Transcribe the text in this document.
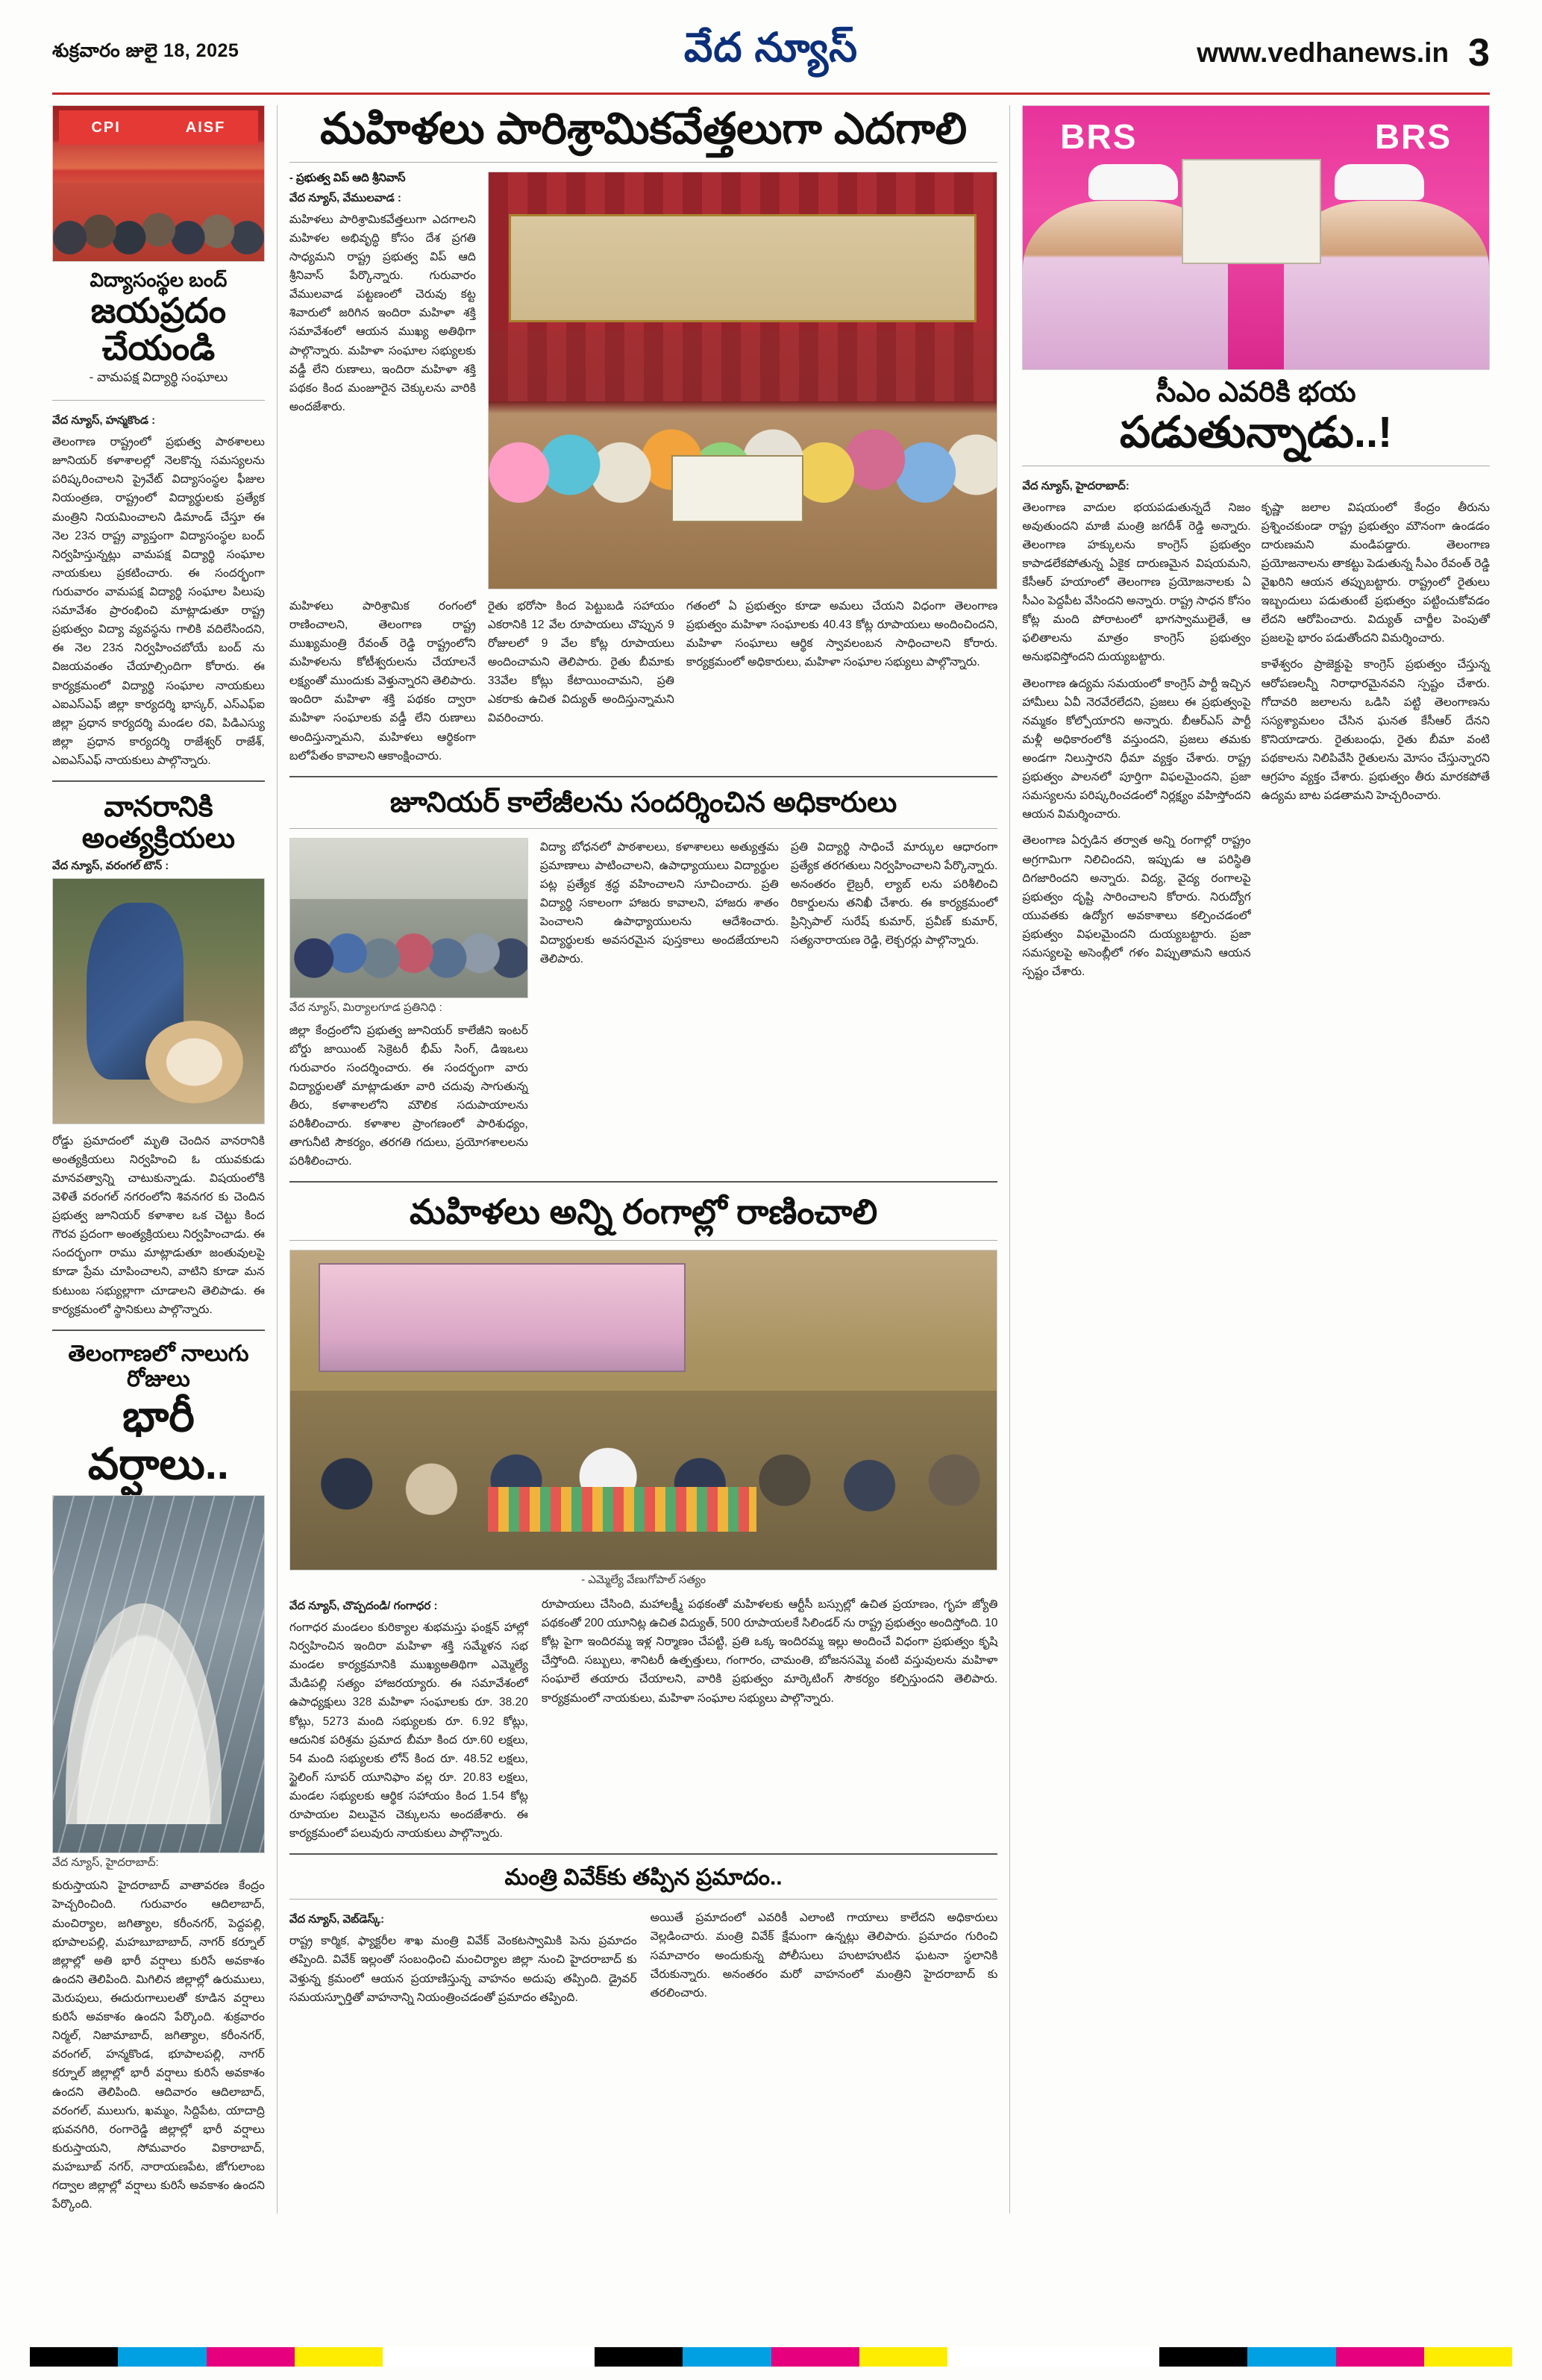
శుక్రవారం జులై 18, 2025	వేద న్యూస్	www.vedhanews.in 3
CPI	AISF
విద్యాసంస్థల బంద్
జయప్రదం చేయండి
- వామపక్ష విద్యార్థి సంఘాలు
వేద న్యూస్, హన్మకొండ :
తెలంగాణ రాష్ట్రంలో ప్రభుత్వ పాఠశాలలు జూనియర్ కళాశాలల్లో నెలకొన్న సమస్యలను పరిష్కరించాలని ప్రైవేట్ విద్యాసంస్థల ఫీజుల నియంత్రణ, రాష్ట్రంలో విద్యార్థులకు ప్రత్యేక మంత్రిని నియమించాలని డిమాండ్ చేస్తూ ఈ నెల 23న రాష్ట్ర వ్యాప్తంగా విద్యాసంస్థల బంద్ నిర్వహిస్తున్నట్లు వామపక్ష విద్యార్థి సంఘాల నాయకులు ప్రకటించారు. ఈ సందర్భంగా గురువారం వామపక్ష విద్యార్థి సంఘాల పిలుపు సమావేశం ప్రారంభించి మాట్లాడుతూ రాష్ట్ర ప్రభుత్వం విద్యా వ్యవస్థను గాలికి వదిలేసిందని, ఈ నెల 23న నిర్వహించబోయే బంద్ ను విజయవంతం చేయాల్సిందిగా కోరారు. ఈ కార్యక్రమంలో విద్యార్థి సంఘాల నాయకులు ఎఐఎస్ఎఫ్ జిల్లా కార్యదర్శి భాస్కర్, ఎస్ఎఫ్ఐ జిల్లా ప్రధాన కార్యదర్శి మండల రవి, పిడిఎస్యు జిల్లా ప్రధాన కార్యదర్శి రాజేశ్వర్ రాజేశ్, ఎఐఎస్ఎఫ్ నాయకులు పాల్గొన్నారు.
వానరానికి అంత్యక్రియలు
వేద న్యూస్, వరంగల్ టౌన్ :
రోడ్డు ప్రమాదంలో మృతి చెందిన వానరానికి అంత్యక్రియలు నిర్వహించి ఓ యువకుడు మానవత్వాన్ని చాటుకున్నాడు. విషయంలోకి వెళితే వరంగల్ నగరంలోని శివనగర కు చెందిన ప్రభుత్వ జూనియర్ కళాశాల ఒక చెట్టు కింద గౌరవ ప్రదంగా అంత్యక్రియలు నిర్వహించాడు. ఈ సందర్భంగా రాము మాట్లాడుతూ జంతువులపై కూడా ప్రేమ చూపించాలని, వాటిని కూడా మన కుటుంబ సభ్యుల్లాగా చూడాలని తెలిపాడు. ఈ కార్యక్రమంలో స్థానికులు పాల్గొన్నారు.
తెలంగాణలో నాలుగు రోజులు
భారీ వర్షాలు..
వేద న్యూస్, హైదరాబాద్:
కురుస్తాయని హైదరాబాద్ వాతావరణ కేంద్రం హెచ్చరించింది. గురువారం ఆదిలాబాద్, మంచిర్యాల, జగిత్యాల, కరీంనగర్, పెద్దపల్లి, భూపాలపల్లి, మహబూబాబాద్, నాగర్ కర్నూల్ జిల్లాల్లో అతి భారీ వర్షాలు కురిసే అవకాశం ఉందని తెలిపింది. మిగిలిన జిల్లాల్లో ఉరుములు, మెరుపులు, ఈదురుగాలులతో కూడిన వర్షాలు కురిసే అవకాశం ఉందని పేర్కొంది. శుక్రవారం నిర్మల్, నిజామాబాద్, జగిత్యాల, కరీంనగర్, వరంగల్, హన్మకొండ, భూపాలపల్లి, నాగర్ కర్నూల్ జిల్లాల్లో భారీ వర్షాలు కురిసే అవకాశం ఉందని తెలిపింది. ఆదివారం ఆదిలాబాద్, వరంగల్, ములుగు, ఖమ్మం, సిద్దిపేట, యాదాద్రి భువనగిరి, రంగారెడ్డి జిల్లాల్లో భారీ వర్షాలు కురుస్తాయని, సోమవారం వికారాబాద్, మహబూబ్ నగర్, నారాయణపేట, జోగులాంబ గద్వాల జిల్లాల్లో వర్షాలు కురిసే అవకాశం ఉందని పేర్కొంది.
మహిళలు పారిశ్రామికవేత్తలుగా ఎదగాలి
- ప్రభుత్వ విప్ ఆది శ్రీనివాస్
వేద న్యూస్, వేములవాడ :
మహిళలు పారిశ్రామికవేత్తలుగా ఎదగాలని మహిళల అభివృద్ధి కోసం దేశ ప్రగతి సాధ్యమని రాష్ట్ర ప్రభుత్వ విప్ ఆది శ్రీనివాస్ పేర్కొన్నారు. గురువారం వేములవాడ పట్టణంలో చెరువు కట్ట శివారులో జరిగిన ఇందిరా మహిళా శక్తి సమావేశంలో ఆయన ముఖ్య అతిథిగా పాల్గొన్నారు. మహిళా సంఘాల సభ్యులకు వడ్డీ లేని రుణాలు, ఇందిరా మహిళా శక్తి పథకం కింద మంజూరైన చెక్కులను వారికి అందజేశారు.
మహిళలు పారిశ్రామిక రంగంలో రాణించాలని, తెలంగాణ రాష్ట్ర ముఖ్యమంత్రి రేవంత్ రెడ్డి రాష్ట్రంలోని మహిళలను కోటీశ్వరులను చేయాలనే లక్ష్యంతో ముందుకు వెళ్తున్నారని తెలిపారు. ఇందిరా మహిళా శక్తి పథకం ద్వారా మహిళా సంఘాలకు వడ్డీ లేని రుణాలు అందిస్తున్నామని, మహిళలు ఆర్థికంగా బలోపేతం కావాలని ఆకాంక్షించారు.
రైతు భరోసా కింద పెట్టుబడి సహాయం ఎకరానికి 12 వేల రూపాయలు చొప్పున 9 రోజులలో 9 వేల కోట్ల రూపాయలు అందించామని తెలిపారు. రైతు బీమాకు 33వేల కోట్లు కేటాయించామని, ప్రతి ఎకరాకు ఉచిత విద్యుత్ అందిస్తున్నామని వివరించారు.
గతంలో ఏ ప్రభుత్వం కూడా అమలు చేయని విధంగా తెలంగాణ ప్రభుత్వం మహిళా సంఘాలకు 40.43 కోట్ల రూపాయలు అందించిందని, మహిళా సంఘాలు ఆర్థిక స్వావలంబన సాధించాలని కోరారు. కార్యక్రమంలో అధికారులు, మహిళా సంఘాల సభ్యులు పాల్గొన్నారు.
జూనియర్ కాలేజీలను సందర్శించిన అధికారులు
వేద న్యూస్, మిర్యాలగూడ ప్రతినిధి :
జిల్లా కేంద్రంలోని ప్రభుత్వ జూనియర్ కాలేజీని ఇంటర్ బోర్డు జాయింట్ సెక్రెటరీ భీమ్ సింగ్, డిఇఒలు గురువారం సందర్శించారు. ఈ సందర్భంగా వారు విద్యార్థులతో మాట్లాడుతూ వారి చదువు సాగుతున్న తీరు, కళాశాలలోని మౌలిక సదుపాయాలను పరిశీలించారు. కళాశాల ప్రాంగణంలో పారిశుధ్యం, తాగునీటి సౌకర్యం, తరగతి గదులు, ప్రయోగశాలలను పరిశీలించారు.
విద్యా బోధనలో పాఠశాలలు, కళాశాలలు అత్యుత్తమ ప్రమాణాలు పాటించాలని, ఉపాధ్యాయులు విద్యార్థుల పట్ల ప్రత్యేక శ్రద్ధ వహించాలని సూచించారు. ప్రతి విద్యార్థి సకాలంగా హాజరు కావాలని, హాజరు శాతం పెంచాలని ఉపాధ్యాయులను ఆదేశించారు. విద్యార్థులకు అవసరమైన పుస్తకాలు అందజేయాలని తెలిపారు.
ప్రతి విద్యార్థి సాధించే మార్కుల ఆధారంగా ప్రత్యేక తరగతులు నిర్వహించాలని పేర్కొన్నారు. అనంతరం లైబ్రరీ, ల్యాబ్ లను పరిశీలించి రికార్డులను తనిఖీ చేశారు. ఈ కార్యక్రమంలో ప్రిన్సిపాల్ సురేష్ కుమార్, ప్రవీణ్ కుమార్, సత్యనారాయణ రెడ్డి, లెక్చరర్లు పాల్గొన్నారు.
మహిళలు అన్ని రంగాల్లో రాణించాలి
- ఎమ్మెల్యే వేణుగోపాల్ సత్యం
వేద న్యూస్, చొప్పదండి/ గంగాధర :
గంగాధర మండలం కురిక్యాల శుభమస్తు ఫంక్షన్ హాల్లో నిర్వహించిన ఇందిరా మహిళా శక్తి సమ్మేళన సభ మండల కార్యక్రమానికి ముఖ్యఅతిథిగా ఎమ్మెల్యే మేడిపల్లి సత్యం హాజరయ్యారు. ఈ సమావేశంలో ఉపాధ్యక్షులు 328 మహిళా సంఘాలకు రూ. 38.20 కోట్లు, 5273 మంది సభ్యులకు రూ. 6.92 కోట్లు, ఆదునిక పరిశ్రమ ప్రమాద బీమా కింద రూ.60 లక్షలు, 54 మంది సభ్యులకు లోన్ కింద రూ. 48.52 లక్షలు, స్టైలింగ్ సూపర్ యూనిఫాం వల్ల రూ. 20.83 లక్షలు, మండల సభ్యులకు ఆర్థిక సహాయం కింద 1.54 కోట్ల రూపాయల విలువైన చెక్కులను అందజేశారు. ఈ కార్యక్రమంలో పలువురు నాయకులు పాల్గొన్నారు.
రూపాయలు చేసింది, మహాలక్ష్మీ పథకంతో మహిళలకు ఆర్టీసీ బస్సుల్లో ఉచిత ప్రయాణం, గృహ జ్యోతి పథకంతో 200 యూనిట్ల ఉచిత విద్యుత్, 500 రూపాయలకే సిలిండర్ ను రాష్ట్ర ప్రభుత్వం అందిస్తోంది. 10 కోట్ల పైగా ఇందిరమ్మ ఇళ్ల నిర్మాణం చేపట్టి, ప్రతి ఒక్క ఇందిరమ్మ ఇల్లు అందించే విధంగా ప్రభుత్వం కృషి చేస్తోంది. సబ్బులు, శానిటరీ ఉత్పత్తులు, గంగారం, చామంతి, బోజనసమ్మె వంటి వస్తువులను మహిళా సంఘాలే తయారు చేయాలని, వారికి ప్రభుత్వం మార్కెటింగ్ సౌకర్యం కల్పిస్తుందని తెలిపారు. కార్యక్రమంలో నాయకులు, మహిళా సంఘాల సభ్యులు పాల్గొన్నారు.
మంత్రి వివేక్‌కు తప్పిన ప్రమాదం..
వేద న్యూస్, వెబ్‌డెస్క్:
రాష్ట్ర కార్మిక, ఫ్యాక్టరీల శాఖ మంత్రి వివేక్ వెంకటస్వామికి పెను ప్రమాదం తప్పింది. వివేక్ ఇల్లంతో సంబంధించి మంచిర్యాల జిల్లా నుంచి హైదరాబాద్ కు వెళ్తున్న క్రమంలో ఆయన ప్రయాణిస్తున్న వాహనం అదుపు తప్పింది. డ్రైవర్ సమయస్ఫూర్తితో వాహనాన్ని నియంత్రించడంతో ప్రమాదం తప్పింది.
అయితే ప్రమాదంలో ఎవరికీ ఎలాంటి గాయాలు కాలేదని అధికారులు వెల్లడించారు. మంత్రి వివేక్ క్షేమంగా ఉన్నట్లు తెలిపారు. ప్రమాదం గురించి సమాచారం అందుకున్న పోలీసులు హుటాహుటిన ఘటనా స్థలానికి చేరుకున్నారు. అనంతరం మరో వాహనంలో మంత్రిని హైదరాబాద్ కు తరలించారు.
BRS	BRS
సీఎం ఎవరికి భయ
పడుతున్నాడు..!
వేద న్యూస్, హైదరాబాద్:
తెలంగాణ వాదుల భయపడుతున్నదే నిజం అవుతుందని మాజీ మంత్రి జగదీశ్ రెడ్డి అన్నారు. తెలంగాణ హక్కులను కాంగ్రెస్ ప్రభుత్వం కాపాడలేకపోతున్న ఏకైక దారుణమైన విషయమని, కేసీఆర్ హయాంలో తెలంగాణ ప్రయోజనాలకు ఏ సీఎం పెద్దపీట వేసిందని అన్నారు. రాష్ట్ర సాధన కోసం కోట్ల మంది పోరాటంలో భాగస్వాములైతే, ఆ ఫలితాలను మాత్రం కాంగ్రెస్ ప్రభుత్వం అనుభవిస్తోందని దుయ్యబట్టారు.
తెలంగాణ ఉద్యమ సమయంలో కాంగ్రెస్ పార్టీ ఇచ్చిన హామీలు ఏవీ నెరవేరలేదని, ప్రజలు ఈ ప్రభుత్వంపై నమ్మకం కోల్పోయారని అన్నారు. బీఆర్ఎస్ పార్టీ మళ్లీ అధికారంలోకి వస్తుందని, ప్రజలు తమకు అండగా నిలుస్తారని ధీమా వ్యక్తం చేశారు. రాష్ట్ర ప్రభుత్వం పాలనలో పూర్తిగా విఫలమైందని, ప్రజా సమస్యలను పరిష్కరించడంలో నిర్లక్ష్యం వహిస్తోందని ఆయన విమర్శించారు.
తెలంగాణ ఏర్పడిన తర్వాత అన్ని రంగాల్లో రాష్ట్రం అగ్రగామిగా నిలిచిందని, ఇప్పుడు ఆ పరిస్థితి దిగజారిందని అన్నారు. విద్య, వైద్య రంగాలపై ప్రభుత్వం దృష్టి సారించాలని కోరారు. నిరుద్యోగ యువతకు ఉద్యోగ అవకాశాలు కల్పించడంలో ప్రభుత్వం విఫలమైందని దుయ్యబట్టారు. ప్రజా సమస్యలపై అసెంబ్లీలో గళం విప్పుతామని ఆయన స్పష్టం చేశారు.
కృష్ణా జలాల విషయంలో కేంద్రం తీరును ప్రశ్నించకుండా రాష్ట్ర ప్రభుత్వం మౌనంగా ఉండడం దారుణమని మండిపడ్డారు. తెలంగాణ ప్రయోజనాలను తాకట్టు పెడుతున్న సీఎం రేవంత్ రెడ్డి వైఖరిని ఆయన తప్పుబట్టారు. రాష్ట్రంలో రైతులు ఇబ్బందులు పడుతుంటే ప్రభుత్వం పట్టించుకోవడం లేదని ఆరోపించారు. విద్యుత్ చార్జీల పెంపుతో ప్రజలపై భారం పడుతోందని విమర్శించారు.
కాళేశ్వరం ప్రాజెక్టుపై కాంగ్రెస్ ప్రభుత్వం చేస్తున్న ఆరోపణలన్నీ నిరాధారమైనవని స్పష్టం చేశారు. గోదావరి జలాలను ఒడిసి పట్టి తెలంగాణను సస్యశ్యామలం చేసిన ఘనత కేసీఆర్ దేనని కొనియాడారు. రైతుబంధు, రైతు బీమా వంటి పథకాలను నిలిపివేసి రైతులను మోసం చేస్తున్నారని ఆగ్రహం వ్యక్తం చేశారు. ప్రభుత్వం తీరు మారకపోతే ఉద్యమ బాట పడతామని హెచ్చరించారు.
